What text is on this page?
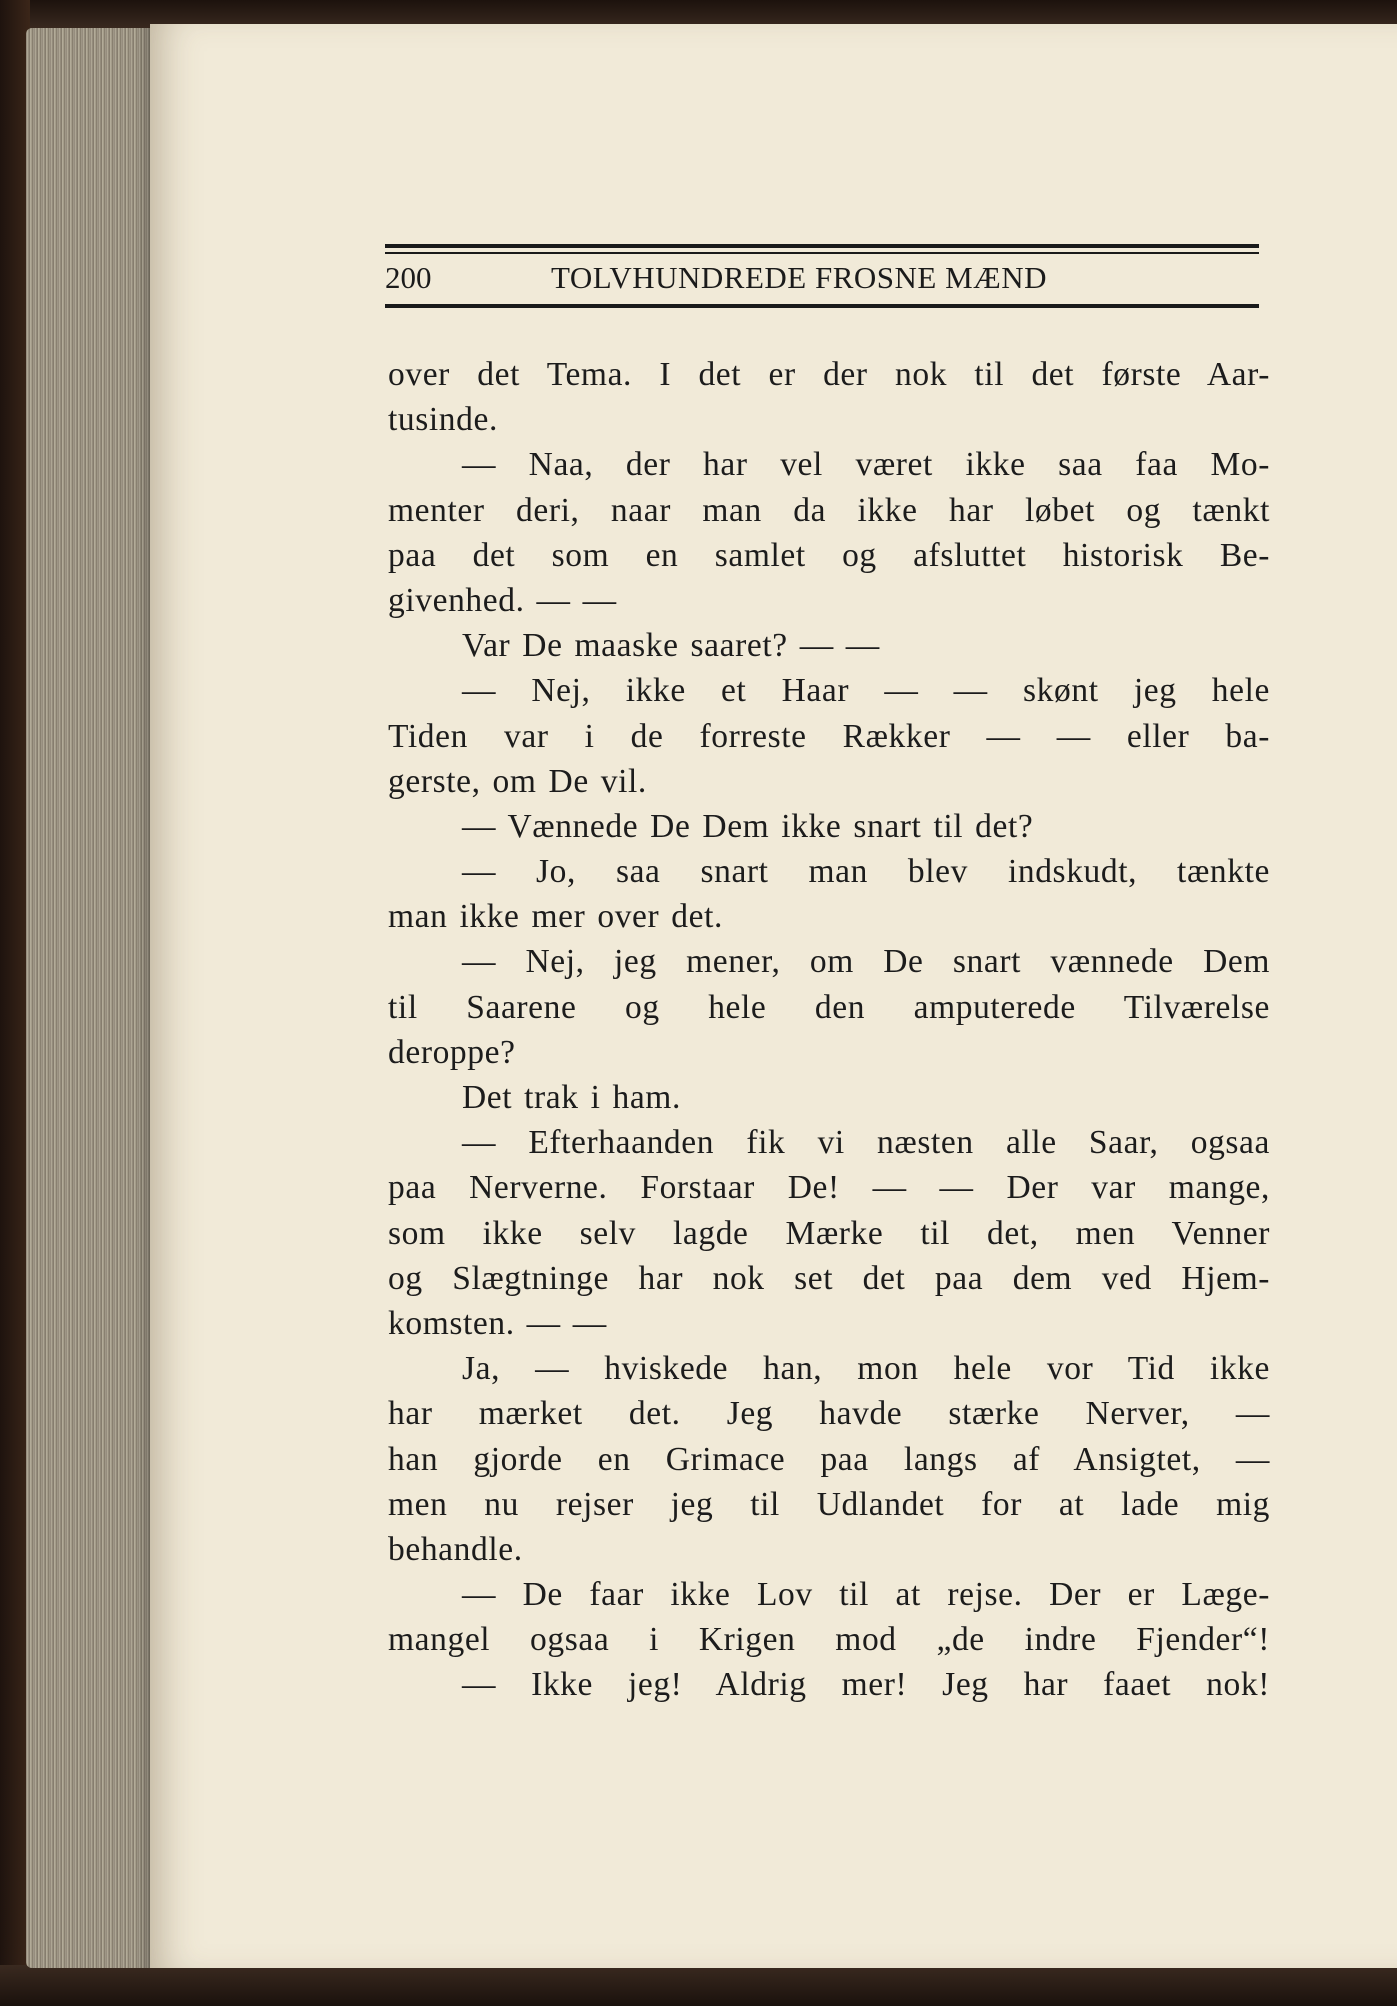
200	TOLVHUNDREDE FROSNE MÆND
over det Tema. I det er der nok til det første Aar-
tusinde.
— Naa, der har vel været ikke saa faa Mo-
menter deri, naar man da ikke har løbet og tænkt
paa det som en samlet og afsluttet historisk Be-
givenhed. — —
Var De maaske saaret? — —
— Nej, ikke et Haar — — skønt jeg hele
Tiden var i de forreste Rækker — — eller ba-
gerste, om De vil.
— Vænnede De Dem ikke snart til det?
— Jo, saa snart man blev indskudt, tænkte
man ikke mer over det.
— Nej, jeg mener, om De snart vænnede Dem
til Saarene og hele den amputerede Tilværelse
deroppe?
Det trak i ham.
— Efterhaanden fik vi næsten alle Saar, ogsaa
paa Nerverne. Forstaar De! — — Der var mange,
som ikke selv lagde Mærke til det, men Venner
og Slægtninge har nok set det paa dem ved Hjem-
komsten. — —
Ja, — hviskede han, mon hele vor Tid ikke
har mærket det. Jeg havde stærke Nerver, —
han gjorde en Grimace paa langs af Ansigtet, —
men nu rejser jeg til Udlandet for at lade mig
behandle.
— De faar ikke Lov til at rejse. Der er Læge-
mangel ogsaa i Krigen mod „de indre Fjender“!
— Ikke jeg! Aldrig mer! Jeg har faaet nok!
